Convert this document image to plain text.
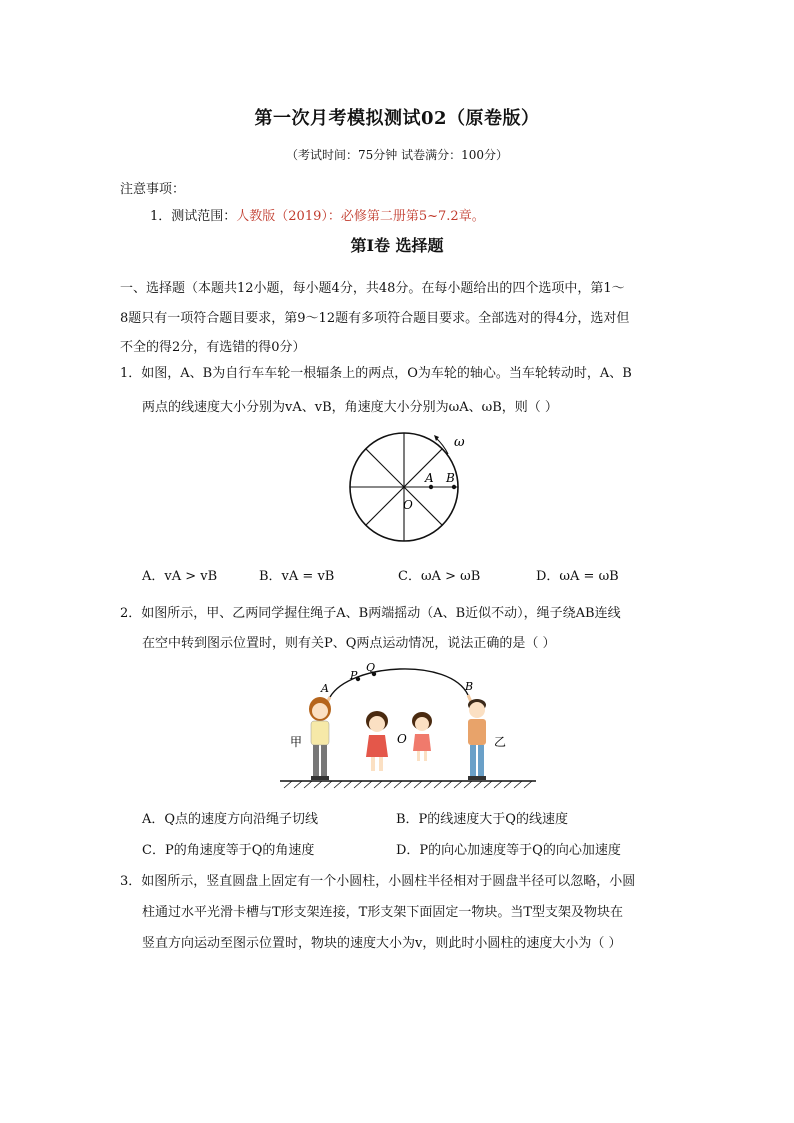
第一次月考模拟测试02（原卷版）
（考试时间：75分钟 试卷满分：100分）
注意事项：
1．测试范围：人教版（2019）：必修第二册第5~7.2章。
第Ⅰ卷 选择题
一、选择题（本题共12小题，每小题4分，共48分。在每小题给出的四个选项中，第1～
8题只有一项符合题目要求，第9～12题有多项符合题目要求。全部选对的得4分，选对但
不全的得2分，有选错的得0分）
1．如图，A、B为自行车车轮一根辐条上的两点，O为车轮的轴心。当车轮转动时，A、B
两点的线速度大小分别为vA、vB，角速度大小分别为ωA、ωB，则（ ）
A B
O
ω
A．vA > vB	B．vA = vB	C．ωA > ωB	D．ωA = ωB
2．如图所示，甲、乙两同学握住绳子A、B两端摇动（A、B近似不动），绳子绕AB连线
在空中转到图示位置时，则有关P、Q两点运动情况，说法正确的是（ ）
A
P
Q
B
O
甲	乙
A．Q点的速度方向沿绳子切线	B．P的线速度大于Q的线速度
C．P的角速度等于Q的角速度	D．P的向心加速度等于Q的向心加速度
3．如图所示，竖直圆盘上固定有一个小圆柱，小圆柱半径相对于圆盘半径可以忽略，小圆
柱通过水平光滑卡槽与T形支架连接，T形支架下面固定一物块。当T型支架及物块在
竖直方向运动至图示位置时，物块的速度大小为v，则此时小圆柱的速度大小为（ ）
